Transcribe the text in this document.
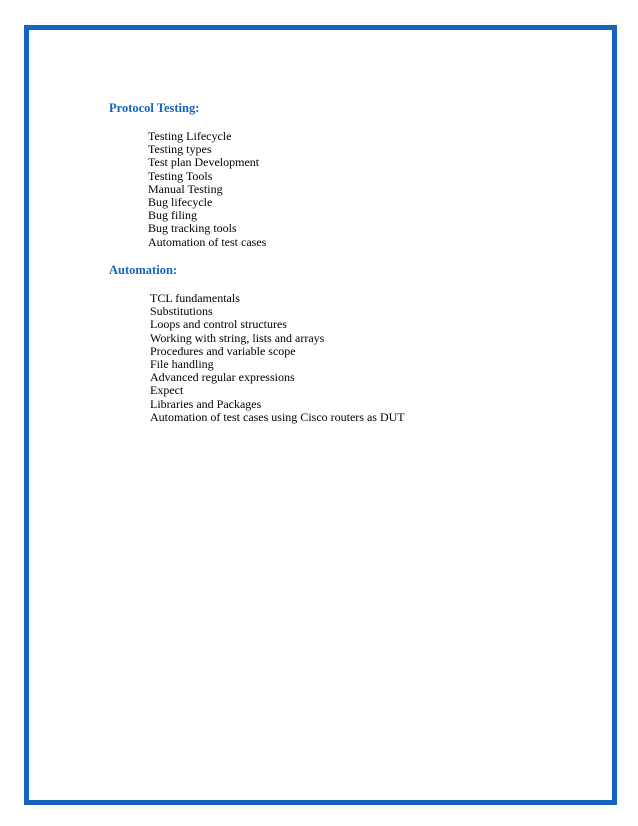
Protocol Testing:
Testing Lifecycle
Testing types
Test plan Development
Testing Tools
Manual Testing
Bug lifecycle
Bug filing
Bug tracking tools
Automation of test cases
Automation:
TCL fundamentals
Substitutions
Loops and control structures
Working with string, lists and arrays
Procedures and variable scope
File handling
Advanced regular expressions
Expect
Libraries and Packages
Automation of test cases using Cisco routers as DUT
